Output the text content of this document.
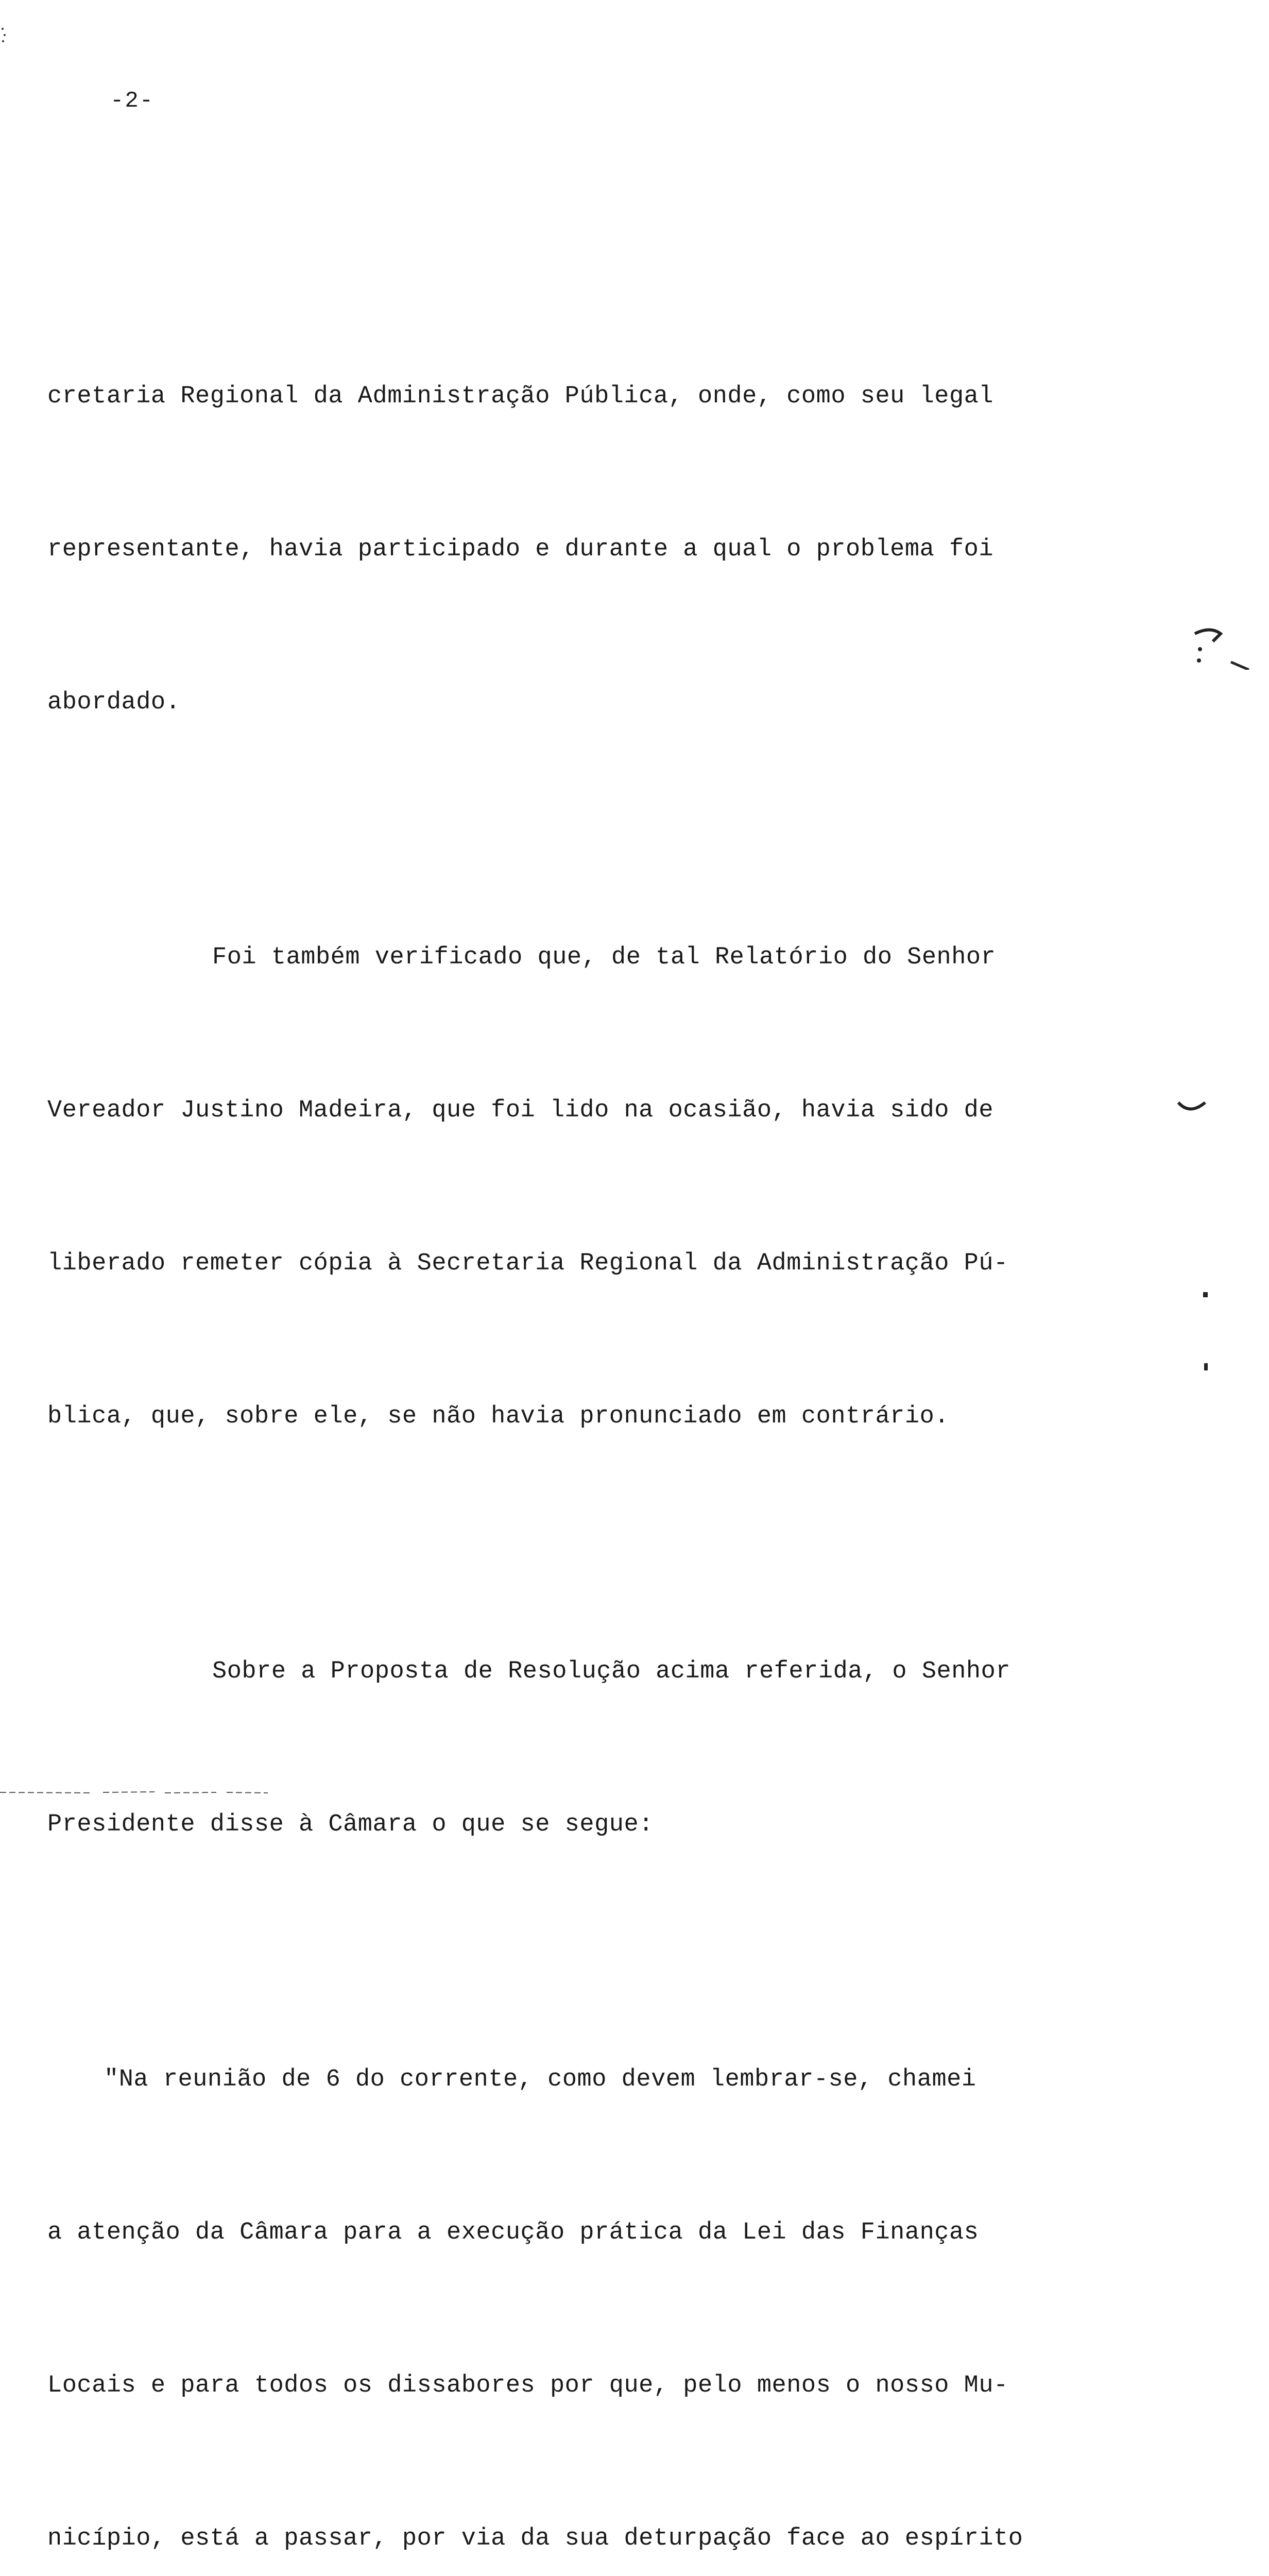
-2-

cretaria Regional da Administração Pública, onde, como seu legal

representante, havia participado e durante a qual o problema foi

abordado.

Foi também verificado que, de tal Relatório do Senhor

Vereador Justino Madeira, que foi lido na ocasião, havia sido de

liberado remeter cópia à Secretaria Regional da Administração Pú-

blica, que, sobre ele, se não havia pronunciado em contrário.

Sobre a Proposta de Resolução acima referida, o Senhor

Presidente disse à Câmara o que se segue:

"Na reunião de 6 do corrente, como devem lembrar-se, chamei

a atenção da Câmara para a execução prática da Lei das Finanças

Locais e para todos os dissabores por que, pelo menos o nosso Mu-

nicípio, está a passar, por via da sua deturpação face ao espírito
